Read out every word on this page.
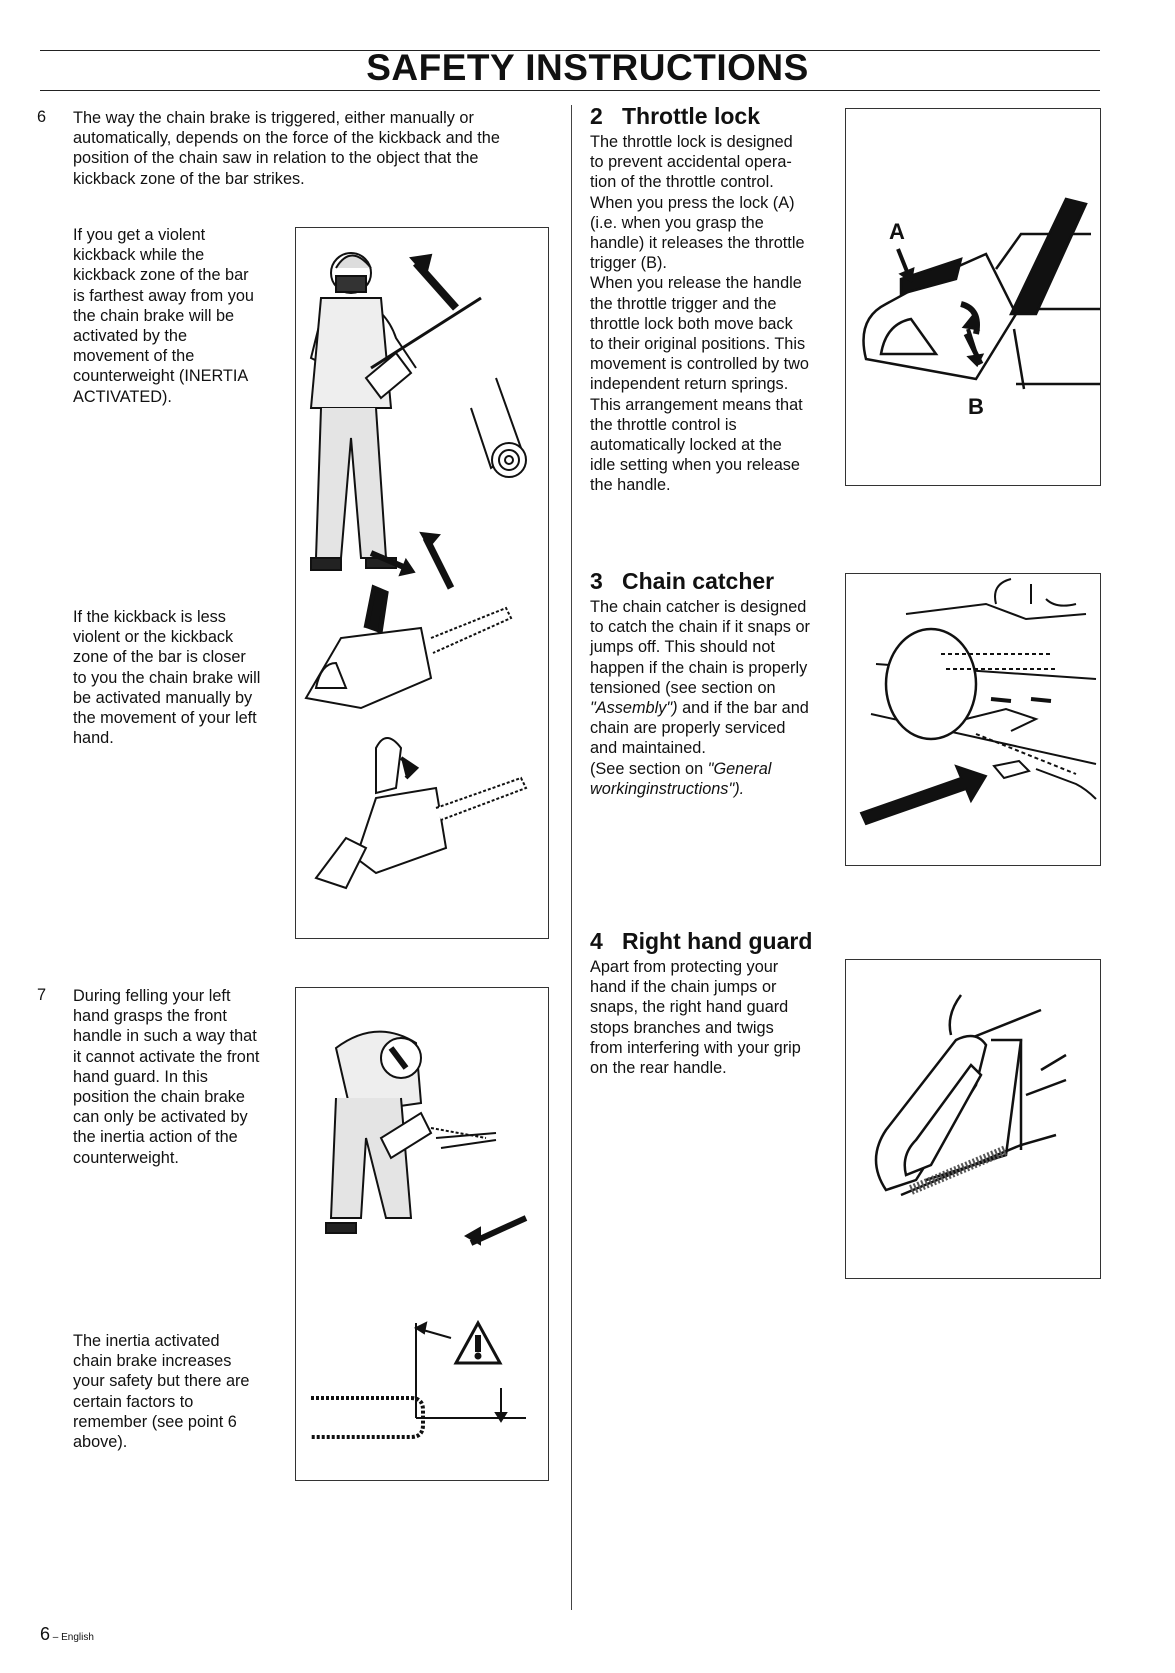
SAFETY INSTRUCTIONS
6 The way the chain brake is triggered, either manually or

automatically, depends on the force of the kickback and the

position of the chain saw in relation to the object that the

kickback zone of the bar strikes.

If you get a violent

kickback while the

kickback zone of the bar

is farthest away from you

the chain brake will be

activated by the

movement of the

counterweight (INERTIA

ACTIVATED).

If the kickback is less

violent or the kickback

zone of the bar is closer

to you the chain brake will

be activated manually by

the movement of your left

hand.

7 During felling your left

hand grasps the front

handle in such a way that

it cannot activate the front

hand guard. In this

position the chain brake

can only be activated by

the inertia action of the

counterweight.

The inertia activated

chain brake increases

your safety but there are

certain factors to

remember (see point 6

above).

2 Throttle lock

The throttle lock is designed

to prevent accidental opera-

tion of the throttle control.

When you press the lock (A)

(i.e. when you grasp the

handle) it releases the throttle

trigger (B).

When you release the handle

the throttle trigger and the

throttle lock both move back

to their original positions. This

movement is controlled by two

independent return springs.

This arrangement means that

the throttle control is

automatically locked at the

idle setting when you release

the handle.

A
B
3 Chain catcher

The chain catcher is designed

to catch the chain if it snaps or

jumps off. This should not

happen if the chain is properly

tensioned (see section on

"Assembly") and if the bar and

chain are properly serviced

and maintained.

(See section on "General

workinginstructions").

4 Right hand guard

Apart from protecting your

hand if the chain jumps or

snaps, the right hand guard

stops branches and twigs

from interfering with your grip

on the rear handle.

6 – English
